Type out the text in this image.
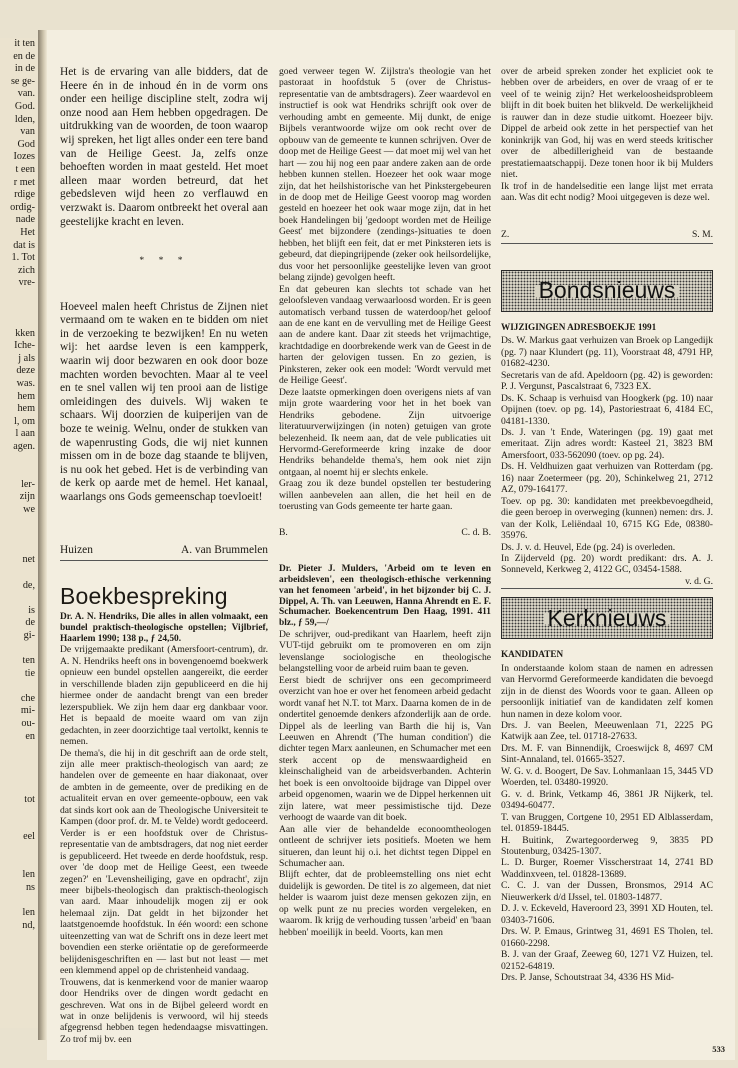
it ten
en de
in de
se ge-
van.
God.
lden,
van
God
Iozes
t een
r met
rdige
ordig-
nade
Het
dat is
1. Tot
zich
vre-

kken
Iche-
j als
deze
was.
hem
hem
l, om
l aan
agen.

ler-
zijn
we

net

de,

is
de
gi-

ten
tie

che
mi-
ou-
en

tot

eel

len
ns

len
nd,

Het is de ervaring van alle bidders, dat de Heere én in de inhoud én in de vorm ons onder een heilige discipline stelt, zodra wij onze nood aan Hem hebben opgedragen. De uitdrukking van de woorden, de toon waarop wij spreken, het ligt alles onder een tere band van de Heilige Geest. Ja, zelfs onze behoeften worden in maat gesteld. Het moet alleen maar worden betreurd, dat het gebedsleven wijd heen zo verflauwd en verzwakt is. Daarom ontbreekt het overal aan geestelijke kracht en leven.

* * *

Hoeveel malen heeft Christus de Zijnen niet vermaand om te waken en te bidden om niet in de verzoeking te bezwijken! En nu weten wij: het aardse leven is een kampperk, waarin wij door bezwaren en ook door boze machten worden bevochten. Maar al te veel en te snel vallen wij ten prooi aan de listige omleidingen des duivels. Wij waken te schaars. Wij doorzien de kuiperijen van de boze te weinig. Welnu, onder de stukken van de wapenrusting Gods, die wij niet kunnen missen om in de boze dag staande te blijven, is nu ook het gebed. Het is de verbinding van de kerk op aarde met de hemel. Het kanaal, waarlangs ons Gods gemeenschap toevloeit!

Huizen	A. van Brummelen
Boekbespreking

Dr. A. N. Hendriks, Die alles in allen volmaakt, een bundel praktisch-theologische opstellen; Vijlbrief, Haarlem 1990; 138 p., ƒ 24,50.

De vrijgemaakte predikant (Amersfoort-centrum), dr. A. N. Hendriks heeft ons in bovengenoemd boekwerk opnieuw een bundel opstellen aangereikt, die eerder in verschillende bladen zijn gepubliceerd en die hij hiermee onder de aandacht brengt van een breder lezerspubliek. We zijn hem daar erg dankbaar voor. Het is bepaald de moeite waard om van zijn gedachten, in zeer doorzichtige taal vertolkt, kennis te nemen.

De thema's, die hij in dit geschrift aan de orde stelt, zijn alle meer praktisch-theologisch van aard; ze handelen over de gemeente en haar diakonaat, over de ambten in de gemeente, over de prediking en de actualiteit ervan en over gemeente-opbouw, een vak dat sinds kort ook aan de Theologische Universiteit te Kampen (door prof. dr. M. te Velde) wordt gedoceerd. Verder is er een hoofdstuk over de Christus-representatie van de ambtsdragers, dat nog niet eerder is gepubliceerd. Het tweede en derde hoofdstuk, resp. over 'de doop met de Heilige Geest, een tweede zegen?' en 'Levensheiliging, gave en opdracht', zijn meer bijbels-theologisch dan praktisch-theologisch van aard. Maar inhoudelijk mogen zij er ook helemaal zijn. Dat geldt in het bijzonder het laatstgenoemde hoofdstuk. In één woord: een schone uiteenzetting van wat de Schrift ons in deze leert met bovendien een sterke oriëntatie op de gereformeerde belijdenisgeschriften en — last but not least — met een klemmend appel op de christenheid vandaag.

Trouwens, dat is kenmerkend voor de manier waarop door Hendriks over de dingen wordt gedacht en geschreven. Wat ons in de Bijbel geleerd wordt en wat in onze belijdenis is verwoord, wil hij steeds afgegrensd hebben tegen hedendaagse misvattingen. Zo trof mij bv. een

goed verweer tegen W. Zijlstra's theologie van het pastoraat in hoofdstuk 5 (over de Christus-representatie van de ambtsdragers). Zeer waardevol en instructief is ook wat Hendriks schrijft ook over de verhouding ambt en gemeente. Mij dunkt, de enige Bijbels verantwoorde wijze om ook recht over de opbouw van de gemeente te kunnen schrijven. Over de doop met de Heilige Geest — dat moet mij wel van het hart — zou hij nog een paar andere zaken aan de orde hebben kunnen stellen. Hoezeer het ook waar moge zijn, dat het heilshistorische van het Pinkstergebeuren in de doop met de Heilige Geest voorop mag worden gesteld en hoezeer het ook waar moge zijn, dat in het boek Handelingen bij 'gedoopt worden met de Heilige Geest' met bijzondere (zendings-)situaties te doen hebben, het blijft een feit, dat er met Pinksteren iets is gebeurd, dat diepingrijpende (zeker ook heilsordelijke, dus voor het persoonlijke geestelijke leven van groot belang zijnde) gevolgen heeft.

En dat gebeuren kan slechts tot schade van het geloofsleven vandaag verwaarloosd worden. Er is geen automatisch verband tussen de waterdoop/het geloof aan de ene kant en de vervulling met de Heilige Geest aan de andere kant. Daar zit steeds het vrijmachtige, krachtdadige en doorbrekende werk van de Geest in de harten der gelovigen tussen. En zo gezien, is Pinksteren, zeker ook een model: 'Wordt vervuld met de Heilige Geest'.

Deze laatste opmerkingen doen overigens niets af van mijn grote waardering voor het in het boek van Hendriks gebodene. Zijn uitvoerige literatuurverwijzingen (in noten) getuigen van grote belezenheid. Ik neem aan, dat de vele publicaties uit Hervormd-Gereformeerde kring inzake de door Hendriks behandelde thema's, hem ook niet zijn ontgaan, al noemt hij er slechts enkele.

Graag zou ik deze bundel opstellen ter bestudering willen aanbevelen aan allen, die het heil en de toerusting van Gods gemeente ter harte gaan.

B.	C. d. B.

Dr. Pieter J. Mulders, 'Arbeid om te leven en arbeidsleven', een theologisch-ethische verkenning van het fenomeen 'arbeid', in het bijzonder bij C. J. Dippel, A. Th. van Leeuwen, Hanna Ahrendt en E. F. Schumacher. Boekencentrum Den Haag, 1991. 411 blz., ƒ 59,—/

De schrijver, oud-predikant van Haarlem, heeft zijn VUT-tijd gebruikt om te promoveren en om zijn levenslange sociologische en theologische belangstelling voor de arbeid ruim baan te geven.

Eerst biedt de schrijver ons een gecomprimeerd overzicht van hoe er over het fenomeen arbeid gedacht wordt vanaf het N.T. tot Marx. Daarna komen de in de ondertitel genoemde denkers afzonderlijk aan de orde. Dippel als de leerling van Barth die hij is, Van Leeuwen en Ahrendt ('The human condition') die dichter tegen Marx aanleunen, en Schumacher met een sterk accent op de menswaardigheid en kleinschaligheid van de arbeidsverbanden. Achterin het boek is een onvoltooide bijdrage van Dippel over arbeid opgenomen, waarin we de Dippel herkennen uit zijn latere, wat meer pessimistische tijd. Deze verhoogt de waarde van dit boek.

Aan alle vier de behandelde econoomtheologen ontleent de schrijver iets positiefs. Moeten we hem situeren, dan leunt hij o.i. het dichtst tegen Dippel en Schumacher aan.

Blijft echter, dat de probleemstelling ons niet echt duidelijk is geworden. De titel is zo algemeen, dat niet helder is waarom juist deze mensen gekozen zijn, en op welk punt ze nu precies worden vergeleken, en waarom. Ik krijg de verhouding tussen 'arbeid' en 'baan hebben' moeilijk in beeld. Voorts, kan men

over de arbeid spreken zonder het expliciet ook te hebben over de arbeiders, en over de vraag of er te veel of te weinig zijn? Het werkeloosheidsprobleem blijft in dit boek buiten het blikveld. De werkelijkheid is rauwer dan in deze studie uitkomt. Hoezeer bijv. Dippel de arbeid ook zette in het perspectief van het koninkrijk van God, hij was en werd steeds kritischer over de albedillerigheid van de bestaande prestatiemaatschappij. Deze tonen hoor ik bij Mulders niet.

Ik trof in de handelseditie een lange lijst met errata aan. Was dit echt nodig? Mooi uitgegeven is deze wel.

Z.	S. M.
Bondsnieuws
WIJZIGINGEN ADRESBOEKJE 1991

Ds. W. Markus gaat verhuizen van Broek op Langedijk (pg. 7) naar Klundert (pg. 11), Voorstraat 48, 4791 HP, 01682-4230.

Secretaris van de afd. Apeldoorn (pg. 42) is geworden: P. J. Vergunst, Pascalstraat 6, 7323 EX.

Ds. K. Schaap is verhuisd van Hoogkerk (pg. 10) naar Opijnen (toev. op pg. 14), Pastoriestraat 6, 4184 EC, 04181-1330.

Ds. J. van 't Ende, Wateringen (pg. 19) gaat met emeritaat. Zijn adres wordt: Kasteel 21, 3823 BM Amersfoort, 033-562090 (toev. op pg. 24).

Ds. H. Veldhuizen gaat verhuizen van Rotterdam (pg. 16) naar Zoetermeer (pg. 20), Schinkelweg 21, 2712 AZ, 079-164177.

Toev. op pg. 30: kandidaten met preekbevoegdheid, die geen beroep in overweging (kunnen) nemen: drs. J. van der Kolk, Leliëndaal 10, 6715 KG Ede, 08380-35976.

Ds. J. v. d. Heuvel, Ede (pg. 24) is overleden.

In Zijderveld (pg. 20) wordt predikant: drs. A. J. Sonneveld, Kerkweg 2, 4122 GC, 03454-1588.

v. d. G.
Kerknieuws
KANDIDATEN

In onderstaande kolom staan de namen en adressen van Hervormd Gereformeerde kandidaten die bevoegd zijn in de dienst des Woords voor te gaan. Alleen op persoonlijk initiatief van de kandidaten zelf komen hun namen in deze kolom voor.

Drs. J. van Beelen, Meeuwenlaan 71, 2225 PG Katwijk aan Zee, tel. 01718-27633.

Drs. M. F. van Binnendijk, Croeswijck 8, 4697 CM Sint-Annaland, tel. 01665-3527.

W. G. v. d. Boogert, De Sav. Lohmanlaan 15, 3445 VD Woerden, tel. 03480-19920.

G. v. d. Brink, Vetkamp 46, 3861 JR Nijkerk, tel. 03494-60477.

T. van Bruggen, Cortgene 10, 2951 ED Alblasserdam, tel. 01859-18445.

H. Buitink, Zwartegoorderweg 9, 3835 PD Stoutenburg, 03425-1307.

L. D. Burger, Roemer Visscherstraat 14, 2741 BD Waddinxveen, tel. 01828-13689.

C. C. J. van der Dussen, Bronsmos, 2914 AC Nieuwerkerk d/d IJssel, tel. 01803-14877.

D. J. v. Eckeveld, Haveroord 23, 3991 XD Houten, tel. 03403-71606.

Drs. W. P. Emaus, Grintweg 31, 4691 ES Tholen, tel. 01660-2298.

B. J. van der Graaf, Zeeweg 60, 1271 VZ Huizen, tel. 02152-64819.

Drs. P. Janse, Schoutstraat 34, 4336 HS Mid-

533
